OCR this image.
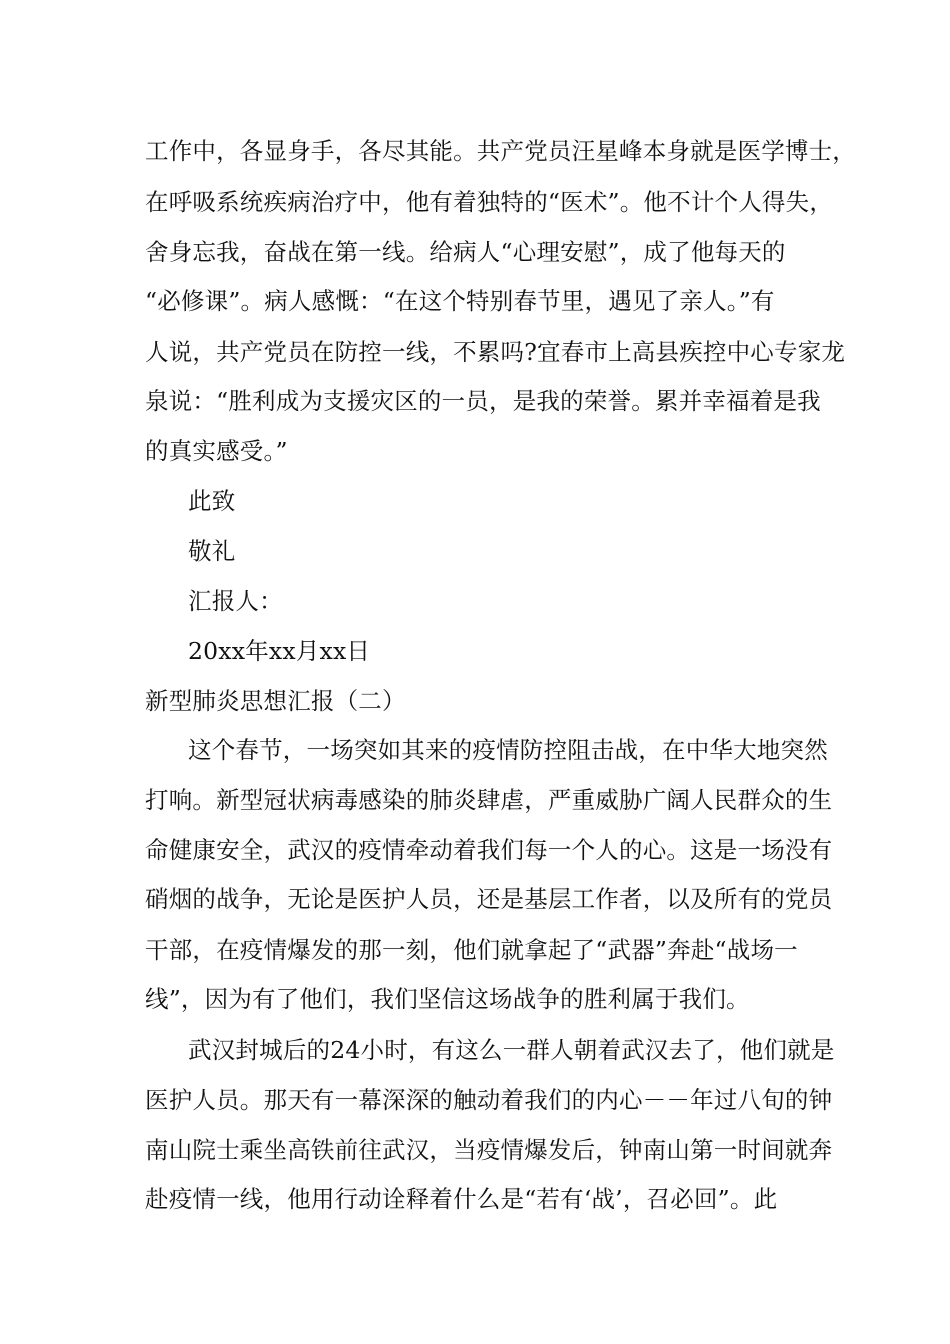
工作中，各显身手，各尽其能。共产党员汪星峰本身就是医学博士，
在呼吸系统疾病治疗中，他有着独特的“医术”。他不计个人得失，
舍身忘我，奋战在第一线。给病人“心理安慰”，成了他每天的
“必修课”。病人感慨：“在这个特别春节里，遇见了亲人。”有
人说，共产党员在防控一线，不累吗?宜春市上高县疾控中心专家龙
泉说：“胜利成为支援灾区的一员，是我的荣誉。累并幸福着是我
的真实感受。”
此致
敬礼
汇报人：
20xx年xx月xx日
新型肺炎思想汇报（二）
这个春节，一场突如其来的疫情防控阻击战，在中华大地突然
打响。新型冠状病毒感染的肺炎肆虐，严重威胁广阔人民群众的生
命健康安全，武汉的疫情牵动着我们每一个人的心。这是一场没有
硝烟的战争，无论是医护人员，还是基层工作者，以及所有的党员
干部，在疫情爆发的那一刻，他们就拿起了“武器”奔赴“战场一
线”，因为有了他们，我们坚信这场战争的胜利属于我们。
武汉封城后的24小时，有这么一群人朝着武汉去了，他们就是
医护人员。那天有一幕深深的触动着我们的内心－－年过八旬的钟
南山院士乘坐高铁前往武汉，当疫情爆发后，钟南山第一时间就奔
赴疫情一线，他用行动诠释着什么是“若有‘战’，召必回”。此
